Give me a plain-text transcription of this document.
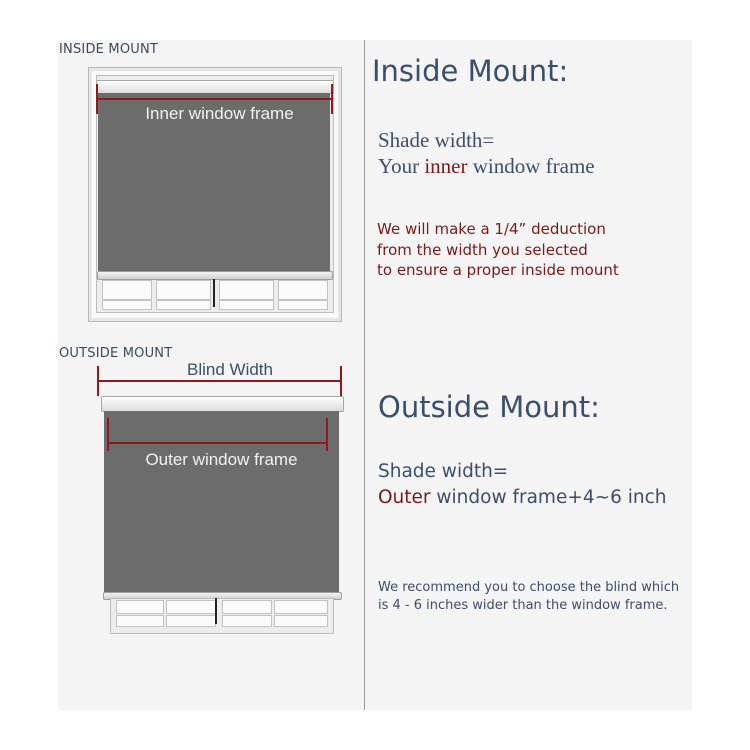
INSIDE MOUNT
Inner window frame
OUTSIDE MOUNT
Blind Width
Outer window frame
Inside Mount:
Shade width=
Your inner window frame
We will make a 1/4” deduction
from the width you selected
to ensure a proper inside mount
Outside Mount:
Shade width=
Outer window frame+4~6 inch
We recommend you to choose the blind which
is 4 - 6 inches wider than the window frame.
